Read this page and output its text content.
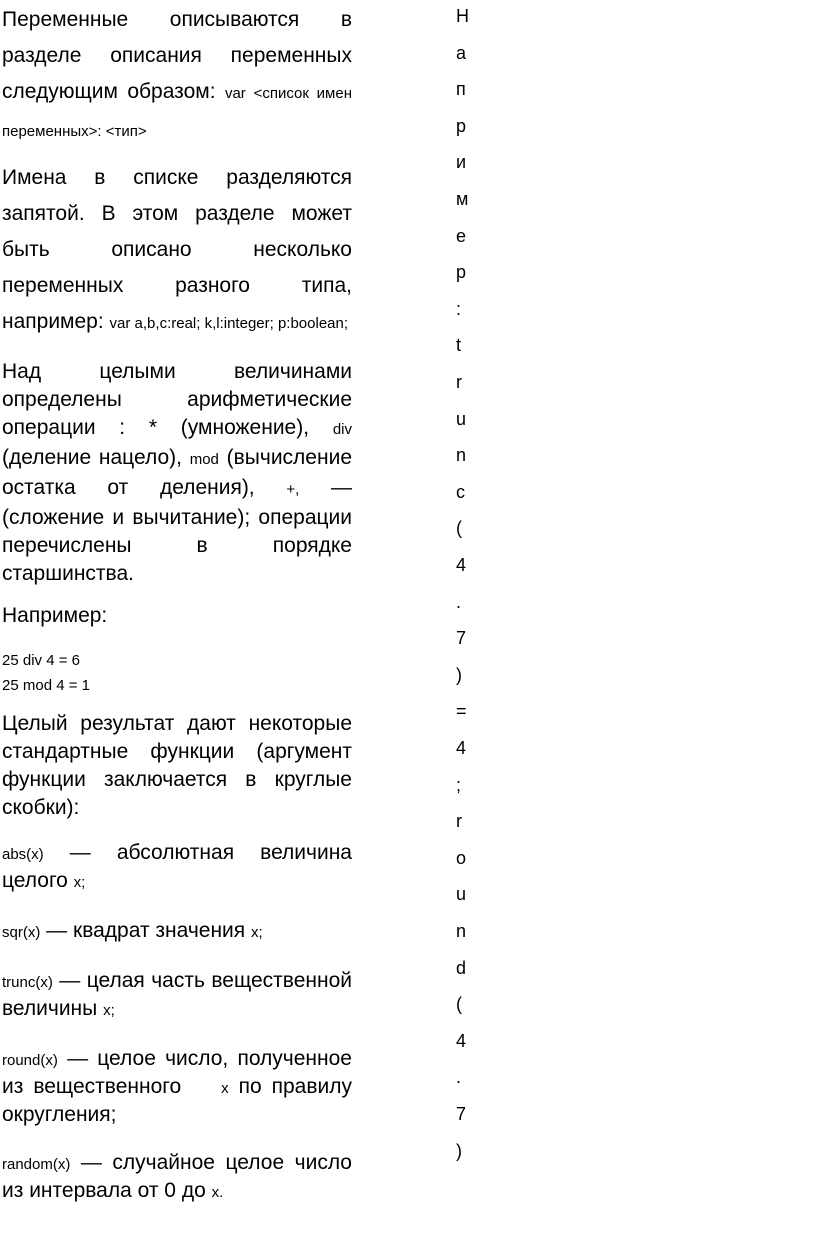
Переменные описываются в разделе описания переменных следующим образом: var <список имен переменных>: <тип>

Имена в списке разделяются запятой. В этом разделе может быть описано несколько переменных разного типа, например: var a,b,c:real; k,l:integer; p:boolean;

Над целыми величинами определены арифметические операции : * (умножение), div (деление нацело), mod (вычисление остатка от деления), +, — (сложение и вычитание); операции перечислены в порядке старшинства.

Например:

25 div 4 = 6
25 mod 4 = 1

Целый результат дают некоторые стандартные функции (аргумент функции заключается в круглые скобки):

abs(x) — абсолютная величина целого x;

sqr(x) — квадрат значения x;

trunc(x) — целая часть вещественной величины x;

round(x) — целое число, полученное из вещественного	x по правилу округления;

random(x) — случайное целое число из интервала от 0 до x.

Н
а
п
р
и
м
е
р
:
t
r
u
n
c
(
4
.
7
)
=
4
;
r
o
u
n
d
(
4
.
7
)
